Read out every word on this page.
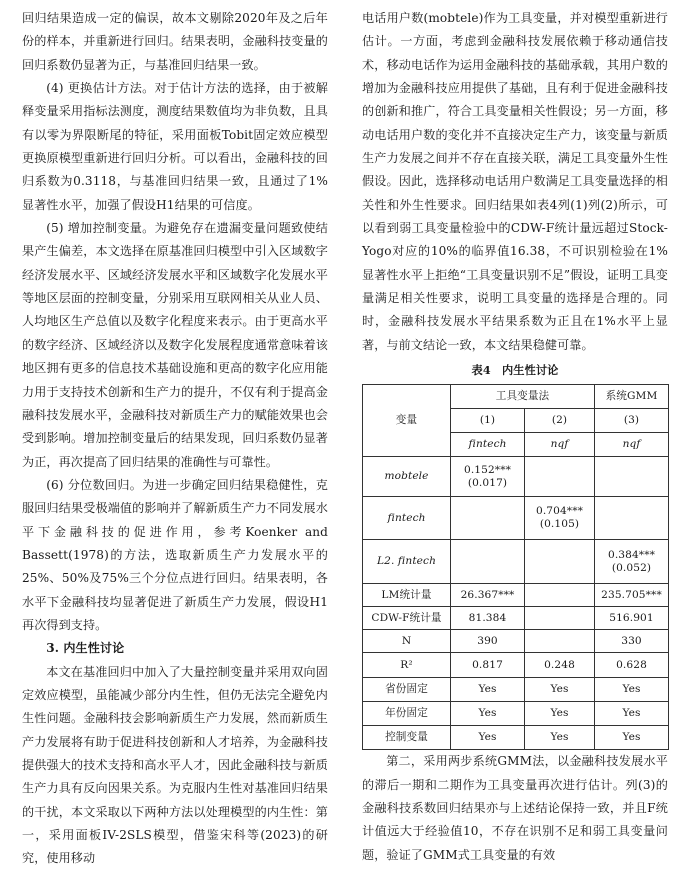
回归结果造成一定的偏误，故本文剔除2020年及之后年份的样本，并重新进行回归。结果表明，金融科技变量的回归系数仍显著为正，与基准回归结果一致。

(4) 更换估计方法。对于估计方法的选择，由于被解释变量采用指标法测度，测度结果数值均为非负数，且具有以零为界限断尾的特征，采用面板Tobit固定效应模型更换原模型重新进行回归分析。可以看出，金融科技的回归系数为0.3118，与基准回归结果一致，且通过了1%显著性水平，加强了假设H1结果的可信度。

(5) 增加控制变量。为避免存在遗漏变量问题致使结果产生偏差，本文选择在原基准回归模型中引入区域数字经济发展水平、区域经济发展水平和区域数字化发展水平等地区层面的控制变量，分别采用互联网相关从业人员、人均地区生产总值以及数字化程度来表示。由于更高水平的数字经济、区域经济以及数字化发展程度通常意味着该地区拥有更多的信息技术基础设施和更高的数字化应用能力用于支持技术创新和生产力的提升，不仅有利于提高金融科技发展水平，金融科技对新质生产力的赋能效果也会受到影响。增加控制变量后的结果发现，回归系数仍显著为正，再次提高了回归结果的准确性与可靠性。

(6) 分位数回归。为进一步确定回归结果稳健性，克服回归结果受极端值的影响并了解新质生产力不同发展水平下金融科技的促进作用，参考Koenker and Bassett(1978)的方法，选取新质生产力发展水平的25%、50%及75%三个分位点进行回归。结果表明，各水平下金融科技均显著促进了新质生产力发展，假设H1再次得到支持。

3. 内生性讨论

本文在基准回归中加入了大量控制变量并采用双向固定效应模型，虽能减少部分内生性，但仍无法完全避免内生性问题。金融科技会影响新质生产力发展，然而新质生产力发展将有助于促进科技创新和人才培养，为金融科技提供强大的技术支持和高水平人才，因此金融科技与新质生产力具有反向因果关系。为克服内生性对基准回归结果的干扰，本文采取以下两种方法以处理模型的内生性：第一，采用面板IV-2SLS模型，借鉴宋科等(2023)的研究，使用移动

电话用户数(mobtele)作为工具变量，并对模型重新进行估计。一方面，考虑到金融科技发展依赖于移动通信技术，移动电话作为运用金融科技的基础承载，其用户数的增加为金融科技应用提供了基础，且有利于促进金融科技的创新和推广，符合工具变量相关性假设；另一方面，移动电话用户数的变化并不直接决定生产力，该变量与新质生产力发展之间并不存在直接关联，满足工具变量外生性假设。因此，选择移动电话用户数满足工具变量选择的相关性和外生性要求。回归结果如表4列(1)列(2)所示，可以看到弱工具变量检验中的CDW-F统计量远超过Stock-Yogo对应的10%的临界值16.38，不可识别检验在1%显著性水平上拒绝“工具变量识别不足”假设，证明工具变量满足相关性要求，说明工具变量的选择是合理的。同时，金融科技发展水平结果系数为正且在1%水平上显著，与前文结论一致，本文结果稳健可靠。

表4　内生性讨论
变量	工具变量法		系统GMM
	(1)	(2)	(3)
	fintech	nqf	nqf
mobtele	0.152***
(0.017)		

fintech		0.704***
(0.105)	

L2. fintech			0.384***
(0.052)

LM统计量	26.367***		235.705***
CDW-F统计量	81.384		516.901
N	390		330
R²	0.817	0.248	0.628
省份固定	Yes	Yes	Yes
年份固定	Yes	Yes	Yes
控制变量	Yes	Yes	Yes

第二，采用两步系统GMM法，以金融科技发展水平的滞后一期和二期作为工具变量再次进行估计。列(3)的金融科技系数回归结果亦与上述结论保持一致，并且F统计值远大于经验值10，不存在识别不足和弱工具变量问题，验证了GMM式工具变量的有效
